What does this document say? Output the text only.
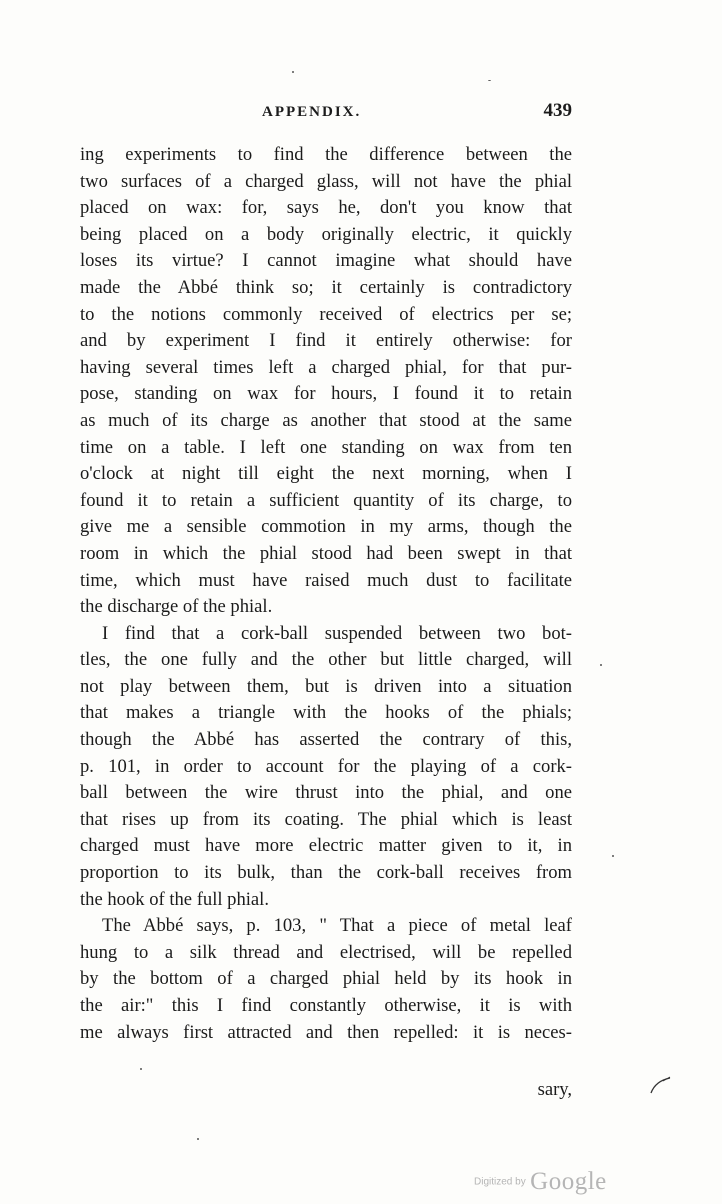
APPENDIX.	439
ing experiments to find the difference between the
two surfaces of a charged glass, will not have the phial
placed on wax: for, says he, don't you know that
being placed on a body originally electric, it quickly
loses its virtue? I cannot imagine what should have
made the Abbé think so; it certainly is contradictory
to the notions commonly received of electrics per se;
and by experiment I find it entirely otherwise: for
having several times left a charged phial, for that pur-
pose, standing on wax for hours, I found it to retain
as much of its charge as another that stood at the same
time on a table. I left one standing on wax from ten
o'clock at night till eight the next morning, when I
found it to retain a sufficient quantity of its charge, to
give me a sensible commotion in my arms, though the
room in which the phial stood had been swept in that
time, which must have raised much dust to facilitate
the discharge of the phial.
I find that a cork-ball suspended between two bot-
tles, the one fully and the other but little charged, will
not play between them, but is driven into a situation
that makes a triangle with the hooks of the phials;
though the Abbé has asserted the contrary of this,
p. 101, in order to account for the playing of a cork-
ball between the wire thrust into the phial, and one
that rises up from its coating. The phial which is least
charged must have more electric matter given to it, in
proportion to its bulk, than the cork-ball receives from
the hook of the full phial.
The Abbé says, p. 103, " That a piece of metal leaf
hung to a silk thread and electrised, will be repelled
by the bottom of a charged phial held by its hook in
the air:" this I find constantly otherwise, it is with
me always first attracted and then repelled: it is neces-
sary,
Digitized by Google
